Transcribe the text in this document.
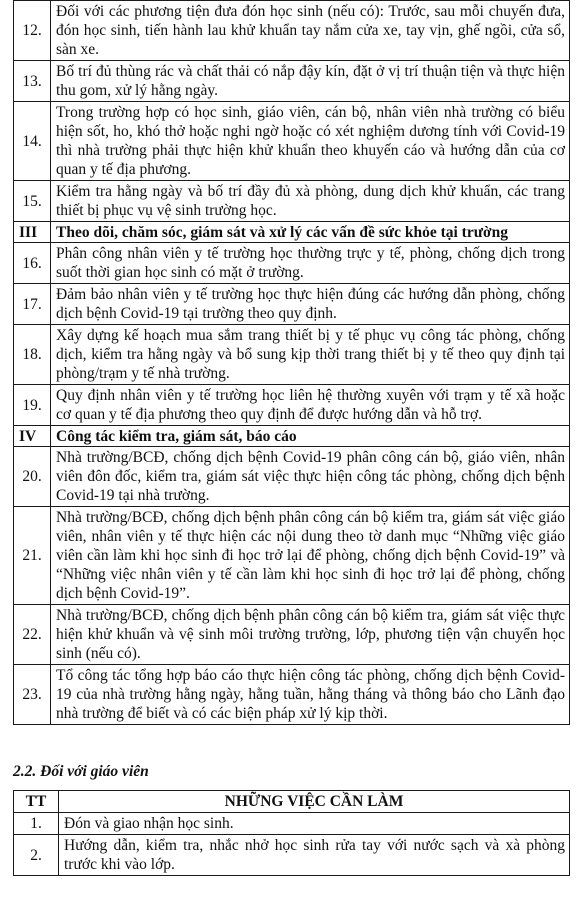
12.	Đối với các phương tiện đưa đón học sinh (nếu có): Trước, sau mỗi chuyến đưa, đón học sinh, tiến hành lau khử khuẩn tay nắm cửa xe, tay vịn, ghế ngồi, cửa sổ, sàn xe.
13.	Bố trí đủ thùng rác và chất thải có nắp đậy kín, đặt ở vị trí thuận tiện và thực hiện thu gom, xử lý hằng ngày.
14.	Trong trường hợp có học sinh, giáo viên, cán bộ, nhân viên nhà trường có biểu hiện sốt, ho, khó thở hoặc nghi ngờ hoặc có xét nghiệm dương tính với Covid-19 thì nhà trường phải thực hiện khử khuẩn theo khuyến cáo và hướng dẫn của cơ quan y tế địa phương.
15.	Kiểm tra hằng ngày và bố trí đầy đủ xà phòng, dung dịch khử khuẩn, các trang thiết bị phục vụ vệ sinh trường học.
III	Theo dõi, chăm sóc, giám sát và xử lý các vấn đề sức khỏe tại trường
16.	Phân công nhân viên y tế trường học thường trực y tế, phòng, chống dịch trong suốt thời gian học sinh có mặt ở trường.
17.	Đảm bảo nhân viên y tế trường học thực hiện đúng các hướng dẫn phòng, chống dịch bệnh Covid-19 tại trường theo quy định.
18.	Xây dựng kế hoạch mua sắm trang thiết bị y tế phục vụ công tác phòng, chống dịch, kiểm tra hằng ngày và bổ sung kịp thời trang thiết bị y tế theo quy định tại phòng/trạm y tế nhà trường.
19.	Quy định nhân viên y tế trường học liên hệ thường xuyên với trạm y tế xã hoặc cơ quan y tế địa phương theo quy định để được hướng dẫn và hỗ trợ.
IV	Công tác kiểm tra, giám sát, báo cáo
20.	Nhà trường/BCĐ, chống dịch bệnh Covid-19 phân công cán bộ, giáo viên, nhân viên đôn đốc, kiểm tra, giám sát việc thực hiện công tác phòng, chống dịch bệnh Covid-19 tại nhà trường.
21.	Nhà trường/BCĐ, chống dịch bệnh phân công cán bộ kiểm tra, giám sát việc giáo viên, nhân viên y tế thực hiện các nội dung theo tờ danh mục “Những việc giáo viên cần làm khi học sinh đi học trở lại để phòng, chống dịch bệnh Covid-19” và “Những việc nhân viên y tế cần làm khi học sinh đi học trở lại để phòng, chống dịch bệnh Covid-19”.
22.	Nhà trường/BCĐ, chống dịch bệnh phân công cán bộ kiểm tra, giám sát việc thực hiện khử khuẩn và vệ sinh môi trường trường, lớp, phương tiện vận chuyển học sinh (nếu có).
23.	Tổ công tác tổng hợp báo cáo thực hiện công tác phòng, chống dịch bệnh Covid-19 của nhà trường hằng ngày, hằng tuần, hằng tháng và thông báo cho Lãnh đạo nhà trường để biết và có các biện pháp xử lý kịp thời.
2.2. Đối với giáo viên
TT	NHỮNG VIỆC CẦN LÀM
1.	Đón và giao nhận học sinh.
2.	Hướng dẫn, kiểm tra, nhắc nhở học sinh rửa tay với nước sạch và xà phòng trước khi vào lớp.
